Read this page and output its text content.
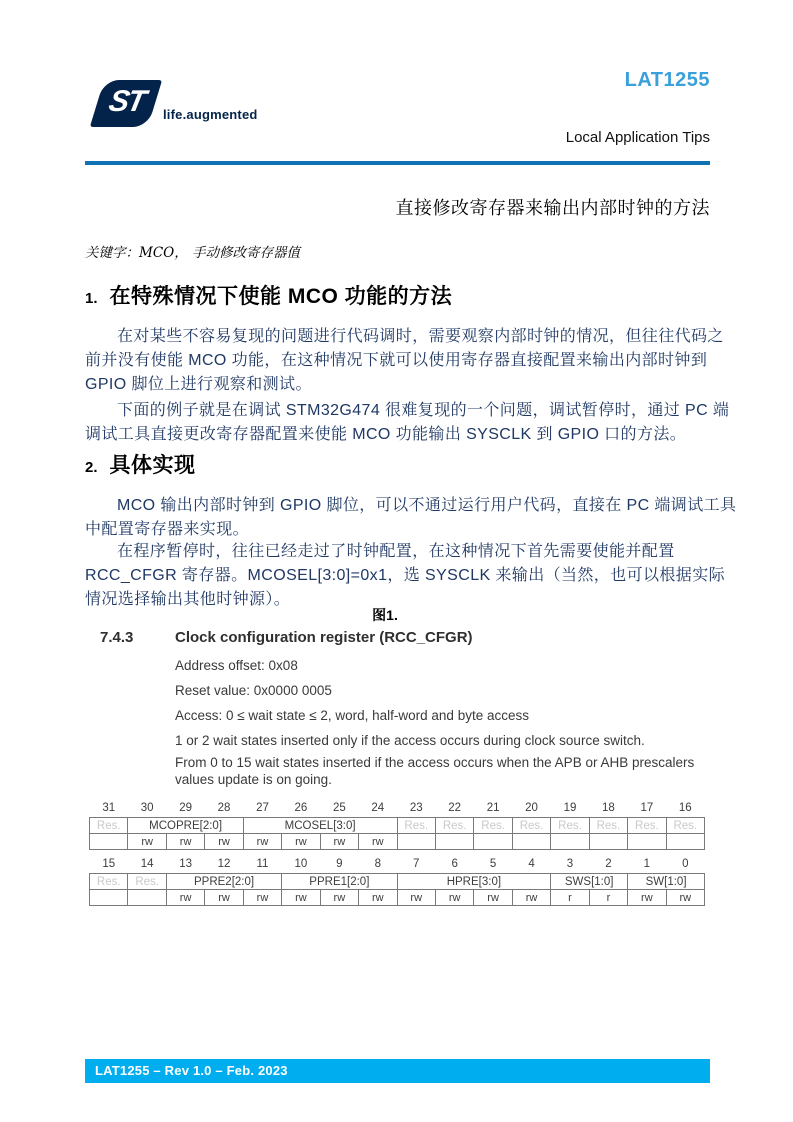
ST	life.augmented
LAT1255
Local Application Tips
直接修改寄存器来输出内部时钟的方法
关键字：MCO， 手动修改寄存器值
1. 在特殊情况下使能 MCO 功能的方法
在对某些不容易复现的问题进行代码调时，需要观察内部时钟的情况，但往往代码之
前并没有使能 MCO 功能，在这种情况下就可以使用寄存器直接配置来输出内部时钟到
GPIO 脚位上进行观察和测试。
下面的例子就是在调试 STM32G474 很难复现的一个问题，调试暂停时，通过 PC 端
调试工具直接更改寄存器配置来使能 MCO 功能输出 SYSCLK 到 GPIO 口的方法。
2. 具体实现
MCO 输出内部时钟到 GPIO 脚位，可以不通过运行用户代码，直接在 PC 端调试工具
中配置寄存器来实现。
在程序暂停时，往往已经走过了时钟配置，在这种情况下首先需要使能并配置
RCC_CFGR 寄存器。MCOSEL[3:0]=0x1，选 SYSCLK 来输出（当然，也可以根据实际
情况选择输出其他时钟源）。
图1.
7.4.3	Clock configuration register (RCC_CFGR)
Address offset: 0x08
Reset value: 0x0000 0005
Access: 0 ≤ wait state ≤ 2, word, half-word and byte access
1 or 2 wait states inserted only if the access occurs during clock source switch.
From 0 to 15 wait states inserted if the access occurs when the APB or AHB prescalers values update is on going.
31	30	29	28	27	26	25	24	23	22	21	20	19	18	17	16
Res.	MCOPRE[2:0]			MCOSEL[3:0]				Res.	Res.	Res.	Res.	Res.	Res.	Res.	Res.
	rw	rw	rw	rw	rw	rw	rw								
15	14	13	12	11	10	9	8	7	6	5	4	3	2	1	0
Res.	Res.	PPRE2[2:0]			PPRE1[2:0]			HPRE[3:0]				SWS[1:0]		SW[1:0]	
		rw	rw	rw	rw	rw	rw	rw	rw	rw	rw	r	r	rw	rw
LAT1255 – Rev 1.0 – Feb. 2023
